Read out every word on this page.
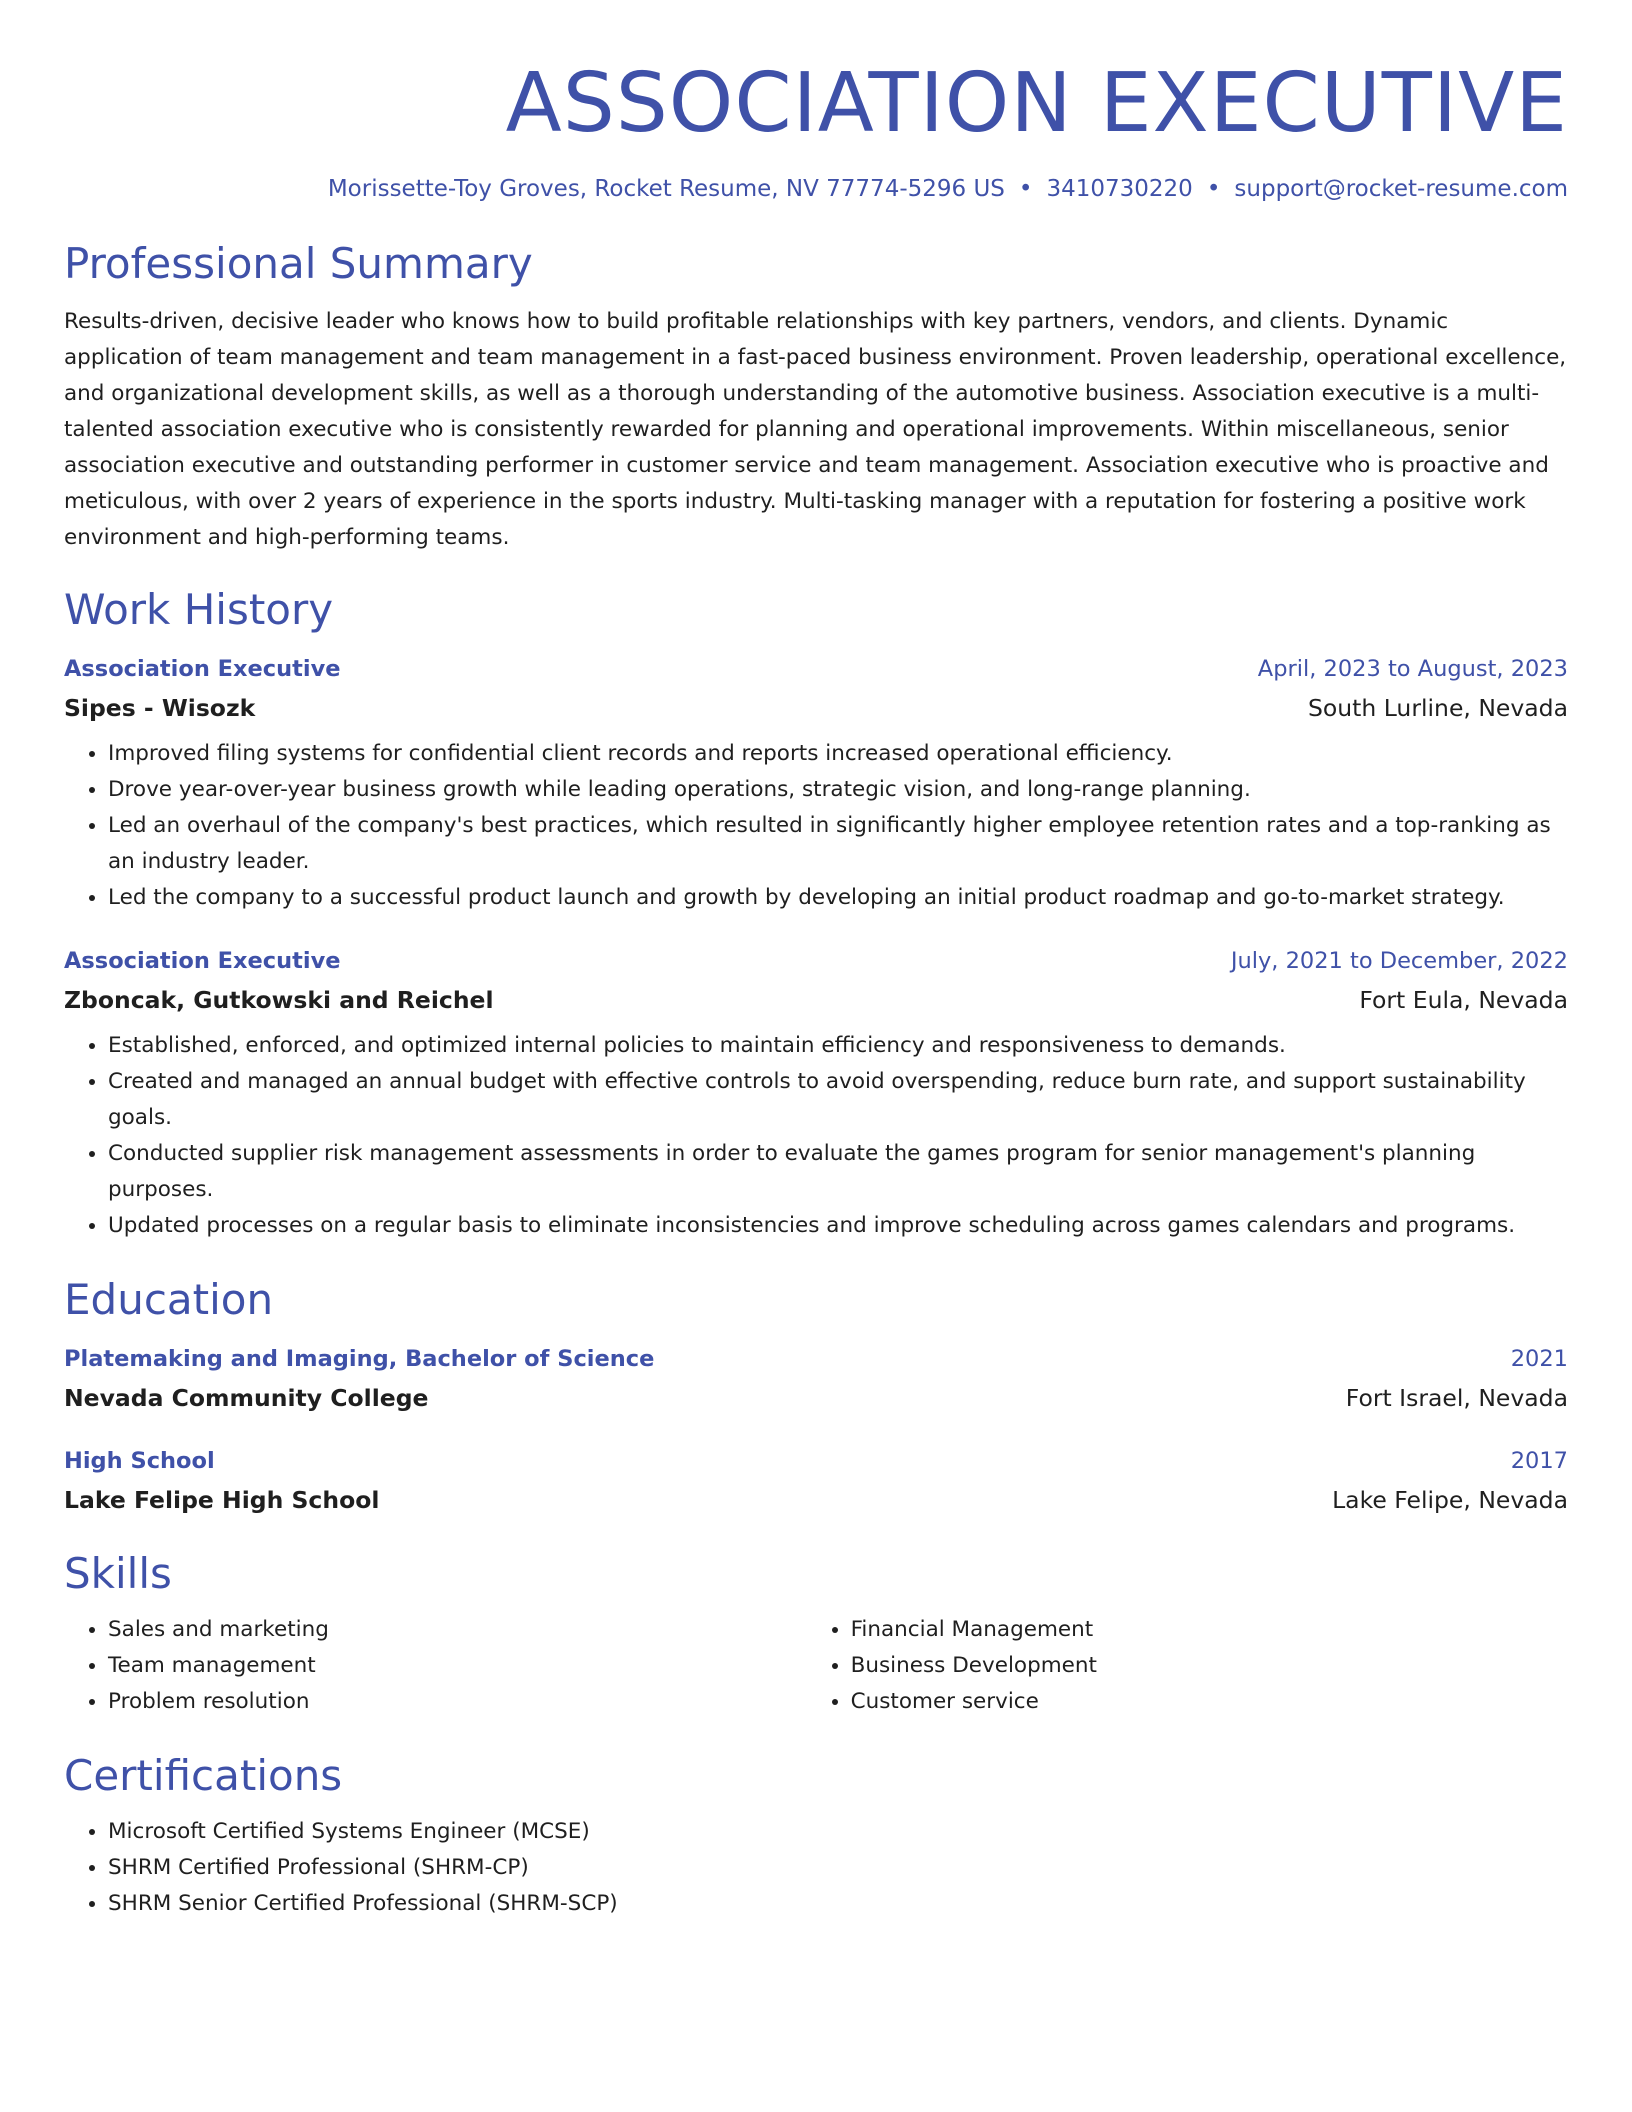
ASSOCIATION EXECUTIVE
Morissette-Toy Groves, Rocket Resume, NV 77774-5296 US • 3410730220 • support@rocket-resume.com
Professional Summary

Results-driven, decisive leader who knows how to build profitable relationships with key partners, vendors, and clients. Dynamic application of team management and team management in a fast-paced business environment. Proven leadership, operational excellence, and organizational development skills, as well as a thorough understanding of the automotive business. Association executive is a multi-talented association executive who is consistently rewarded for planning and operational improvements. Within miscellaneous, senior association executive and outstanding performer in customer service and team management. Association executive who is proactive and meticulous, with over 2 years of experience in the sports industry. Multi-tasking manager with a reputation for fostering a positive work environment and high-performing teams.

Work History
Association Executive	April, 2023 to August, 2023
Sipes - Wisozk	South Lurline, Nevada
• Improved filing systems for confidential client records and reports increased operational efficiency.
• Drove year-over-year business growth while leading operations, strategic vision, and long-range planning.
• Led an overhaul of the company's best practices, which resulted in significantly higher employee retention rates and a top-ranking as an industry leader.
• Led the company to a successful product launch and growth by developing an initial product roadmap and go-to-market strategy.
Association Executive	July, 2021 to December, 2022
Zboncak, Gutkowski and Reichel	Fort Eula, Nevada
• Established, enforced, and optimized internal policies to maintain efficiency and responsiveness to demands.
• Created and managed an annual budget with effective controls to avoid overspending, reduce burn rate, and support sustainability goals.
• Conducted supplier risk management assessments in order to evaluate the games program for senior management's planning purposes.
• Updated processes on a regular basis to eliminate inconsistencies and improve scheduling across games calendars and programs.
Education
Platemaking and Imaging, Bachelor of Science	2021
Nevada Community College	Fort Israel, Nevada
High School	2017
Lake Felipe High School	Lake Felipe, Nevada
Skills
• Sales and marketing
• Team management
• Problem resolution
• Financial Management
• Business Development
• Customer service
Certifications
• Microsoft Certified Systems Engineer (MCSE)
• SHRM Certified Professional (SHRM-CP)
• SHRM Senior Certified Professional (SHRM-SCP)
